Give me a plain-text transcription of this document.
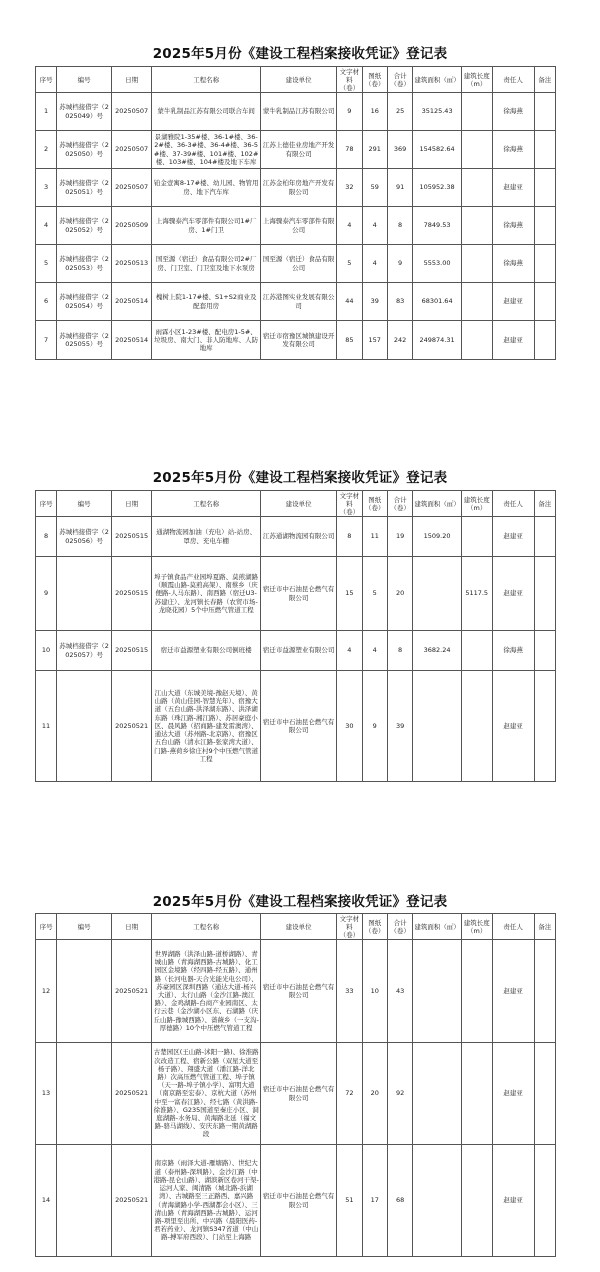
2025年5月份《建设工程档案接收凭证》登记表
序号	编号	日期	工程名称	建设单位	文字材料（卷）	图纸（卷）	合计（卷）	建筑面积（㎡）	建筑长度（m）	责任人	备注

1	苏城档接借字（2025049）号	20250507	蒙牛乳制品江苏有限公司联合车间	蒙牛乳制品江苏有限公司	9	16	25	35125.43		徐海燕	

2	苏城档接借字（2025050）号	20250507	景湖雅院1-35#楼、36-1#楼、36-2#楼、36-3#楼、36-4#楼、36-5#楼、37-39#楼、101#楼、102#楼、103#楼、104#楼及地下车库	江苏上德佳业房地产开发有限公司	78	291	369	154582.64		徐海燕	

3	苏城档接借字（2025051）号	20250507	铂金壹寓8-17#楼、幼儿园、物管用房、地下汽车库	江苏金柏年房地产开发有限公司	32	59	91	105952.38		赵建亚	

4	苏城档接借字（2025052）号	20250509	上海骤泰汽车零部件有限公司1#厂房、1#门卫	上海骤泰汽车零部件有限公司	4	4	8	7849.53		徐海燕	

5	苏城档接借字（2025053）号	20250513	国至源（宿迁）食品有限公司2#厂房、门卫室、门卫室及地下水泵房	国至源（宿迁）食品有限公司	5	4	9	5553.00		徐海燕	

6	苏城档接借字（2025054）号	20250514	槐树上院1-17#楼、S1+S2商业及配套用房	江苏港图实业发展有限公司	44	39	83	68301.64		赵建亚	

7	苏城档接借字（2025055）号	20250514	雨霖小区1-23#楼、配电房1-5#、垃圾房、南大门、非人防地库、人防地库	宿迁市宿豫区城镇建设开发有限公司	85	157	242	249874.31		赵建亚	

2025年5月份《建设工程档案接收凭证》登记表
序号	编号	日期	工程名称	建设单位	文字材料（卷）	图纸（卷）	合计（卷）	建筑面积（㎡）	建筑长度（m）	责任人	备注

8	苏城档接借字（2025056）号	20250515	通湖物流园加油（充电）站-站房、罩房、充电车棚	江苏通湖物流园有限公司	8	11	19	1509.20		赵建亚	

9		20250515	埠子镇食品产业园埠夏路、莫煎湖路（顺霞山路-莫煎高架）、南蔡乡（庆便路-人马东路）、南西路（宿迁U3-苏建庄）、龙河镇长春路（农贸市场-龙晓花园）5个中压燃气管道工程	宿迁市中石油昆仑燃气有限公司	15	5	20		5117.5	赵建亚	

10	苏城档接借字（2025057）号	20250515	宿迁市益源塑业有限公司倒班楼	宿迁市益源塑业有限公司	4	4	8	3682.24		徐海燕	

11		20250521	江山大道（东城美境-豫赵天境）、黄山路（黄山佳园-智慧光年）、宿豫大道（五台山路-洪泽湖东路）、洪泽湖东路（珠江路-湘江路）、苏居豪庭小区、晨风路（招商路-建发雷澳湾）、通达大道（苏州路-北京路）、宿豫区五台山路（清水江路-张家湾大道）、门路-燕荷乡徐庄村9个中压燃气管道工程	宿迁市中石油昆仑燃气有限公司	30	9	39			赵建亚	

2025年5月份《建设工程档案接收凭证》登记表
序号	编号	日期	工程名称	建设单位	文字材料（卷）	图纸（卷）	合计（卷）	建筑面积（㎡）	建筑长度（m）	责任人	备注

12		20250521	世界湖路（洪泽山路-道桥湖路）、青城山路（青海湖西路-古城路）、化工园区金境路（经四路-经五路）、通州路（长河电器-天合光能光电公司）、苏豪园区深圳西路（通达大道-杨兴大道）、太行山路（金沙江路-澳江路）、金鸡湖路-台商产业园南区、太行云巷（金沙湖小区东、石湖路（庆丘山路-豫城西路）、蔷薇乡（一支沟-厚德路）10个中压燃气管道工程	宿迁市中石油昆仑燃气有限公司	33	10	43			赵建亚	

13		20250521	古楚园区(王山路-沭阳一路)、徐淮路次改造工程、宿新公路（双星大道至杨子路）、翔盛大道（潘江路-洋北路）次高压燃气管道工程、埠子镇（天一路-埠子镇小学）、富明大道（南京路至宏泰）、京杭大道（苏州中至一富春江路）、经七路（黄洪路-徐淮路）、G235国道至秦庄小区、洞庭湖路-水务局、黄海路北延（福文路-骆马湖线）、安庆东路一期黄湖路段	宿迁市中石油昆仑燃气有限公司	72	20	92			赵建亚	

14		20250521	南京路（雨泽大道-雁塘路）、世纪大道（泰州路-深圳路）、金沙江路（中港路-昆仑山路）、湖滨新区卷河干渠-运河人家、闽清路（城北路-浜湖湾）、古城路至三正路西、嘉兴路（青海湖路小学-西湖都会小区）、三清山路（青海湖西路-古城路）、运河路-项里至出所、中兴路（晨阳医药-君若药业）、龙河镇S347省道（中山路-搏军府西段）、门站至上海路	宿迁市中石油昆仑燃气有限公司	51	17	68			赵建亚	
